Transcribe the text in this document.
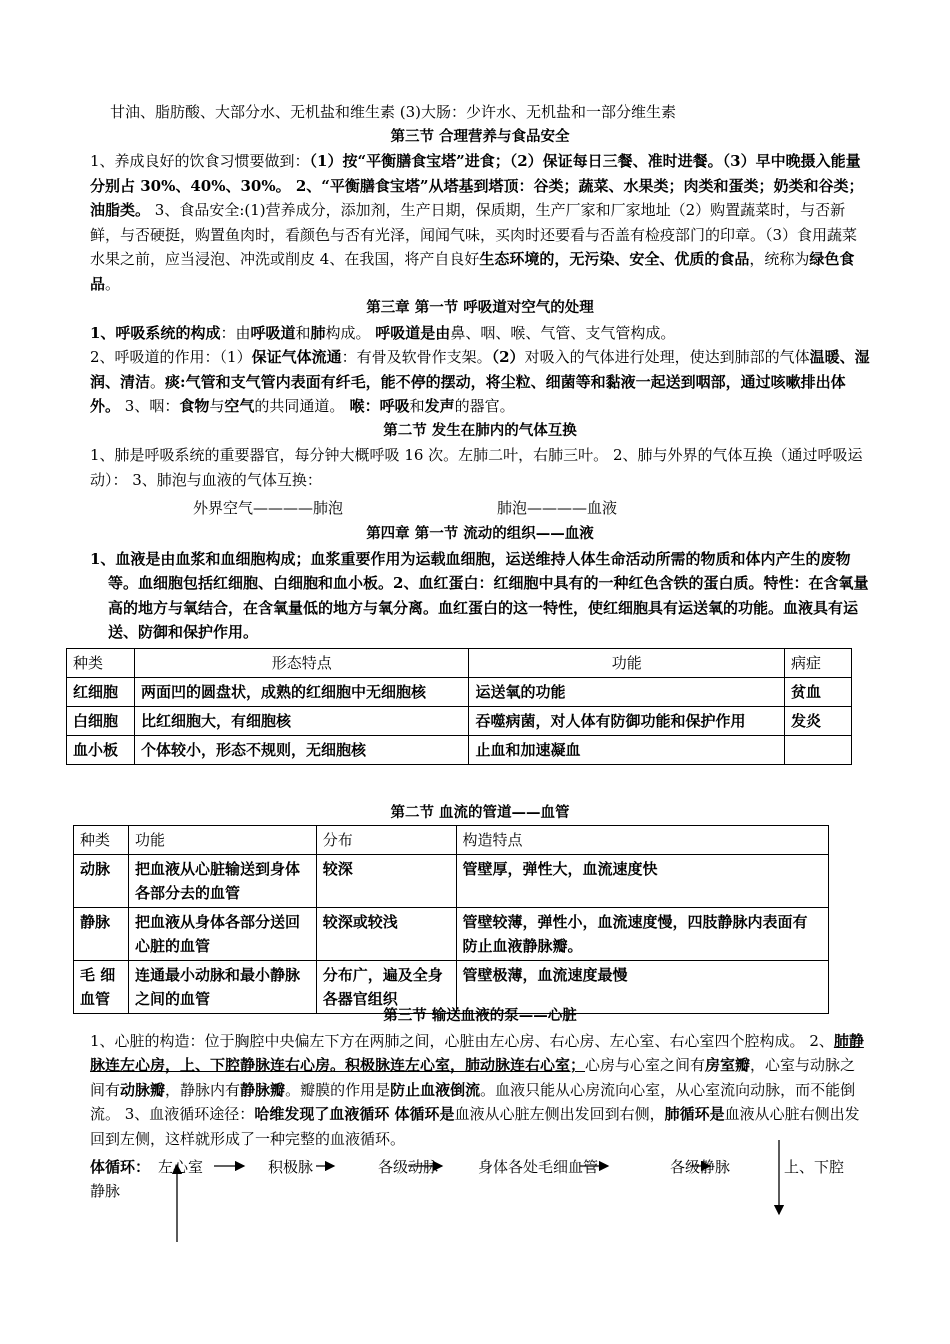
甘油、脂肪酸、大部分水、无机盐和维生素 (3)大肠：少许水、无机盐和一部分维生素

第三节 合理营养与食品安全

1、养成良好的饮食习惯要做到：（1）按“平衡膳食宝塔”进食；（2）保证每日三餐、准时进餐。（3）早中晚摄入能量分别占 30%、40%、30%。 2、“平衡膳食宝塔”从塔基到塔顶：谷类；蔬菜、水果类；肉类和蛋类；奶类和谷类；油脂类。 3、食品安全:(1)营养成分，添加剂，生产日期，保质期，生产厂家和厂家地址（2）购置蔬菜时，与否新鲜，与否硬挺，购置鱼肉时，看颜色与否有光泽，闻闻气味，买肉时还要看与否盖有检疫部门的印章。（3）食用蔬菜水果之前，应当浸泡、冲洗或削皮 4、在我国，将产自良好生态环境的，无污染、安全、优质的食品，统称为绿色食品。

第三章 第一节 呼吸道对空气的处理

1、呼吸系统的构成：由呼吸道和肺构成。 呼吸道是由鼻、咽、喉、气管、支气管构成。

2、呼吸道的作用：（1）保证气体流通：有骨及软骨作支架。（2）对吸入的气体进行处理，使达到肺部的气体温暖、湿润、清洁。痰:气管和支气管内表面有纤毛，能不停的摆动，将尘粒、细菌等和黏液一起送到咽部，通过咳嗽排出体外。 3、咽：食物与空气的共同通道。 喉：呼吸和发声的器官。

第二节 发生在肺内的气体互换

1、肺是呼吸系统的重要器官，每分钟大概呼吸 16 次。左肺二叶，右肺三叶。 2、肺与外界的气体互换（通过呼吸运动）： 3、肺泡与血液的气体互换：

外界空气————肺泡	肺泡————血液

第四章 第一节 流动的组织——血液

1、血液是由血浆和血细胞构成；血浆重要作用为运载血细胞，运送维持人体生命活动所需的物质和体内产生的废物等。血细胞包括红细胞、白细胞和血小板。2、血红蛋白：红细胞中具有的一种红色含铁的蛋白质。特性：在含氧量高的地方与氧结合，在含氧量低的地方与氧分离。血红蛋白的这一特性，使红细胞具有运送氧的功能。血液具有运送、防御和保护作用。

种类	形态特点	功能	病症
红细胞	两面凹的圆盘状，成熟的红细胞中无细胞核	运送氧的功能	贫血
白细胞	比红细胞大，有细胞核	吞噬病菌，对人体有防御功能和保护作用	发炎
血小板	个体较小，形态不规则，无细胞核	止血和加速凝血	

第二节 血流的管道——血管

种类	功能	分布	构造特点
动脉	把血液从心脏输送到身体各部分去的血管	较深	管壁厚，弹性大，血流速度快
静脉	把血液从身体各部分送回心脏的血管	较深或较浅	管壁较薄，弹性小，血流速度慢，四肢静脉内表面有防止血液静脉瓣。
毛 细血管	连通最小动脉和最小静脉之间的血管	分布广，遍及全身各器官组织	管壁极薄，血流速度最慢

第三节 输送血液的泵——心脏

1、心脏的构造：位于胸腔中央偏左下方在两肺之间，心脏由左心房、右心房、左心室、右心室四个腔构成。 2、肺静脉连左心房，上、下腔静脉连右心房。积极脉连左心室，肺动脉连右心室；心房与心室之间有房室瓣，心室与动脉之间有动脉瓣，静脉内有静脉瓣。瓣膜的作用是防止血液倒流。血液只能从心房流向心室，从心室流向动脉，而不能倒流。 3、血液循环途径：哈维发现了血液循环 体循环是血液从心脏左侧出发回到右侧，肺循环是血液从心脏右侧出发回到左侧，这样就形成了一种完整的血液循环。

体循环： 左心室	积极脉	各级动脉	身体各处毛细血管	各级静脉	上、下腔
静脉
